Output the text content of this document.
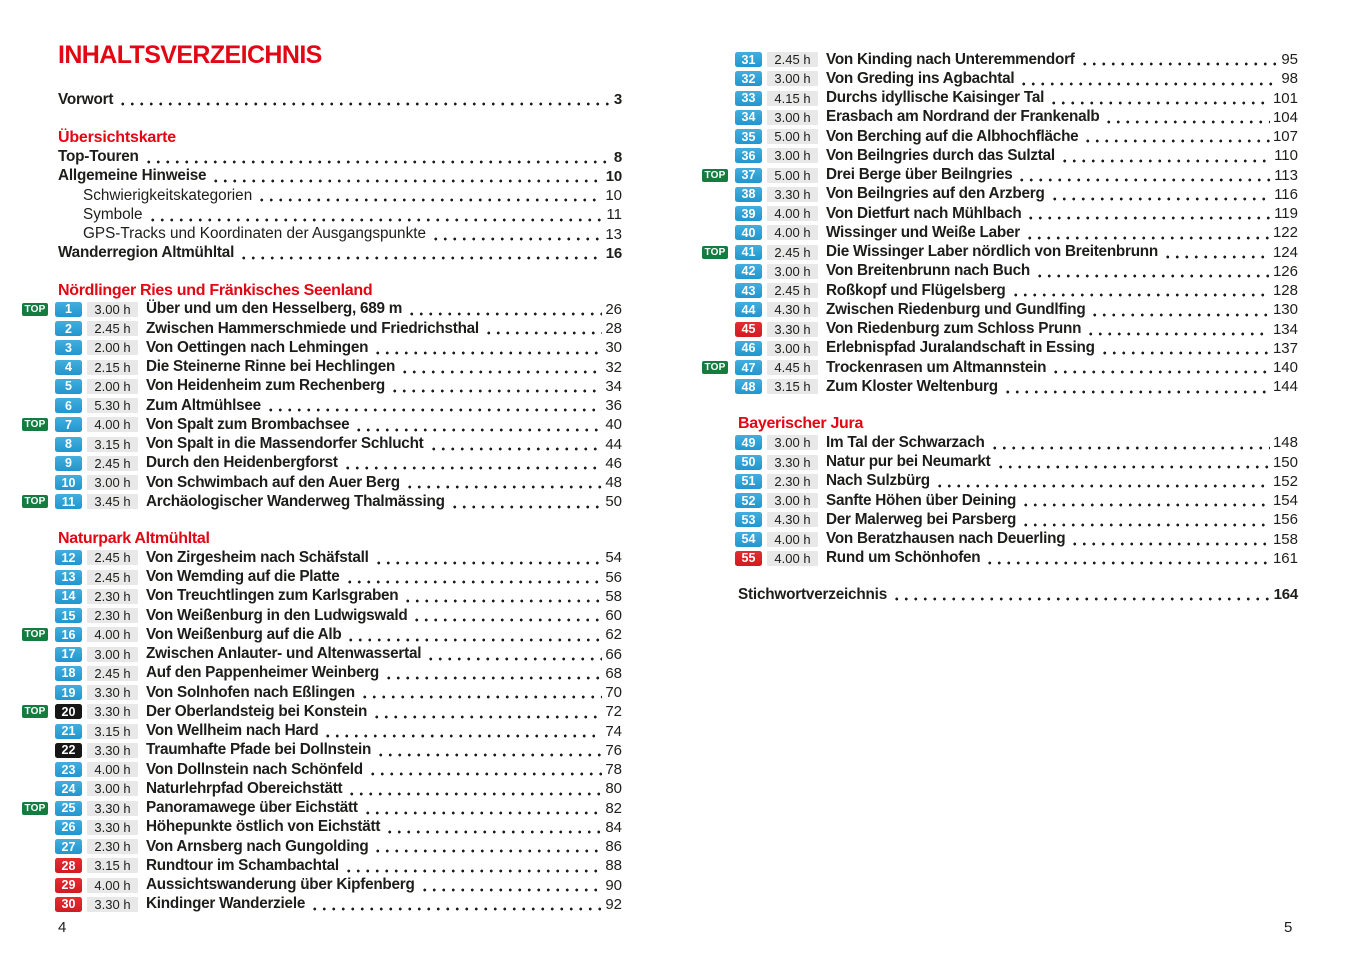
INHALTSVERZEICHNIS
Vorwort	3
Übersichtskarte
Top-Touren	8
Allgemeine Hinweise	10
Schwierigkeitskategorien	10
Symbole	11
GPS-Tracks und Koordinaten der Ausgangspunkte	13
Wanderregion Altmühltal	16
Nördlinger Ries und Fränkisches Seenland
TOP	1	3.00 h	Über und um den Hesselberg, 689 m	26
2	2.45 h	Zwischen Hammerschmiede und Friedrichsthal	28
3	2.00 h	Von Oettingen nach Lehmingen	30
4	2.15 h	Die Steinerne Rinne bei Hechlingen	32
5	2.00 h	Von Heidenheim zum Rechenberg	34
6	5.30 h	Zum Altmühlsee	36
TOP	7	4.00 h	Von Spalt zum Brombachsee	40
8	3.15 h	Von Spalt in die Massendorfer Schlucht	44
9	2.45 h	Durch den Heidenbergforst	46
10	3.00 h	Von Schwimbach auf den Auer Berg	48
TOP	11	3.45 h	Archäologischer Wanderweg Thalmässing	50
Naturpark Altmühltal
12	2.45 h	Von Zirgesheim nach Schäfstall	54
13	2.45 h	Von Wemding auf die Platte	56
14	2.30 h	Von Treuchtlingen zum Karlsgraben	58
15	2.30 h	Von Weißenburg in den Ludwigswald	60
TOP	16	4.00 h	Von Weißenburg auf die Alb	62
17	3.00 h	Zwischen Anlauter- und Altenwassertal	66
18	2.45 h	Auf den Pappenheimer Weinberg	68
19	3.30 h	Von Solnhofen nach Eßlingen	70
TOP	20	3.30 h	Der Oberlandsteig bei Konstein	72
21	3.15 h	Von Wellheim nach Hard	74
22	3.30 h	Traumhafte Pfade bei Dollnstein	76
23	4.00 h	Von Dollnstein nach Schönfeld	78
24	3.00 h	Naturlehrpfad Obereichstätt	80
TOP	25	3.30 h	Panoramawege über Eichstätt	82
26	3.30 h	Höhepunkte östlich von Eichstätt	84
27	2.30 h	Von Arnsberg nach Gungolding	86
28	3.15 h	Rundtour im Schambachtal	88
29	4.00 h	Aussichtswanderung über Kipfenberg	90
30	3.30 h	Kindinger Wanderziele	92
31	2.45 h	Von Kinding nach Unteremmendorf	95
32	3.00 h	Von Greding ins Agbachtal	98
33	4.15 h	Durchs idyllische Kaisinger Tal	101
34	3.00 h	Erasbach am Nordrand der Frankenalb	104
35	5.00 h	Von Berching auf die Albhochfläche	107
36	3.00 h	Von Beilngries durch das Sulztal	110
TOP	37	5.00 h	Drei Berge über Beilngries	113
38	3.30 h	Von Beilngries auf den Arzberg	116
39	4.00 h	Von Dietfurt nach Mühlbach	119
40	4.00 h	Wissinger und Weiße Laber	122
TOP	41	2.45 h	Die Wissinger Laber nördlich von Breitenbrunn	124
42	3.00 h	Von Breitenbrunn nach Buch	126
43	2.45 h	Roßkopf und Flügelsberg	128
44	4.30 h	Zwischen Riedenburg und Gundlfing	130
45	3.30 h	Von Riedenburg zum Schloss Prunn	134
46	3.00 h	Erlebnispfad Juralandschaft in Essing	137
TOP	47	4.45 h	Trockenrasen um Altmannstein	140
48	3.15 h	Zum Kloster Weltenburg	144
Bayerischer Jura
49	3.00 h	Im Tal der Schwarzach	148
50	3.30 h	Natur pur bei Neumarkt	150
51	2.30 h	Nach Sulzbürg	152
52	3.00 h	Sanfte Höhen über Deining	154
53	4.30 h	Der Malerweg bei Parsberg	156
54	4.00 h	Von Beratzhausen nach Deuerling	158
55	4.00 h	Rund um Schönhofen	161
Stichwortverzeichnis	164
4	5
